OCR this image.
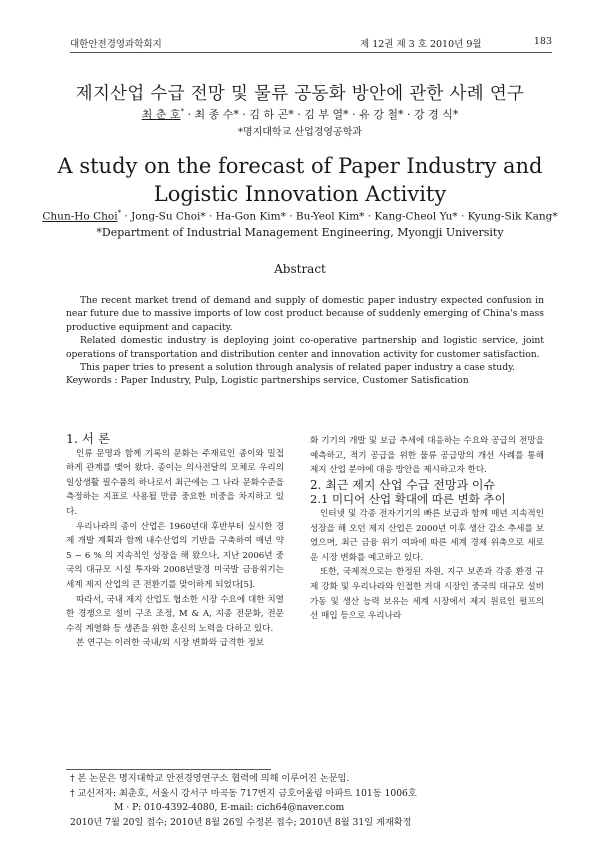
대한안전경영과학회지	제 12권 제 3 호 2010년 9월	183
제지산업 수급 전망 및 물류 공동화 방안에 관한 사례 연구
최 춘 호* · 최 종 수* · 김 하 곤* · 김 부 열* · 유 강 철* · 강 경 식*
*명지대학교 산업경영공학과
A study on the forecast of Paper Industry and Logistic Innovation Activity
Chun-Ho Choi* · Jong-Su Choi* · Ha-Gon Kim* · Bu-Yeol Kim* · Kang-Cheol Yu* · Kyung-Sik Kang*
*Department of Industrial Management Engineering, Myongji University
Abstract

The recent market trend of demand and supply of domestic paper industry expected confusion in near future due to massive imports of low cost product because of suddenly emerging of China's mass productive equipment and capacity.

Related domestic industry is deploying joint co-operative partnership and logistic service, joint operations of transportation and distribution center and innovation activity for customer satisfaction.

This paper tries to present a solution through analysis of related paper industry a case study.

Keywords : Paper Industry, Pulp, Logistic partnerships service, Customer Satisfication

1. 서 론

인류 문명과 함께 기록의 문화는 주재료인 종이와 밀접하게 관계를 맺어 왔다. 종이는 의사전달의 모체로 우리의 일상생활 필수품의 하나로서 최근에는 그 나라 문화수준을 측정하는 지표로 사용될 만큼 중요한 비중을 차지하고 있다.

우리나라의 종이 산업은 1960년대 후반부터 실시한 경제 개발 계획과 함께 내수산업의 기반을 구축하여 매년 약 5 ~ 6 % 의 지속적인 성장을 해 왔으나, 지난 2006년 중국의 대규모 시설 투자와 2008년말경 미국발 금융위기는 세계 제지 산업의 큰 전환기를 맞이하게 되었다[5].

따라서, 국내 제지 산업도 협소한 시장 수요에 대한 치열한 경쟁으로 설비 구조 조정, M & A, 지종 전문화, 전문 수직 계열화 등 생존을 위한 혼신의 노력을 다하고 있다.

본 연구는 이러한 국내/외 시장 변화와 급격한 정보

화 기기의 개발 및 보급 추세에 대응하는 수요와 공급의 전망을 예측하고, 적기 공급을 위한 물류 공급망의 개선 사례를 통해 제지 산업 분야에 대응 방안을 제시하고자 한다.

2. 최근 제지 산업 수급 전망과 이슈

2.1 미디어 산업 확대에 따른 변화 추이

인터넷 및 각종 전자기기의 빠른 보급과 함께 매년 지속적인 성장을 해 오던 제지 산업은 2000년 이후 생산 감소 추세를 보였으며, 최근 금융 위기 여파에 따른 세계 경제 위축으로 새로운 시장 변화를 예고하고 있다.

또한, 국제적으로는 한정된 자원, 지구 보존과 각종 환경 규제 강화 및 우리나라와 인접한 거대 시장인 중국의 대규모 설비 가동 및 생산 능력 보유는 세계 시장에서 제지 원료인 펄프의 선 매입 등으로 우리나라

† 본 논문은 명지대학교 안전경영연구소 협력에 의해 이루어진 논문임.
† 교신저자: 최춘호, 서울시 강서구 마곡동 717번지 금호어울림 아파트 101동 1006호
M · P: 010-4392-4080, E-mail: cich64@naver.com
2010년 7월 20일 접수; 2010년 8월 26일 수정본 접수; 2010년 8월 31일 게재확정
